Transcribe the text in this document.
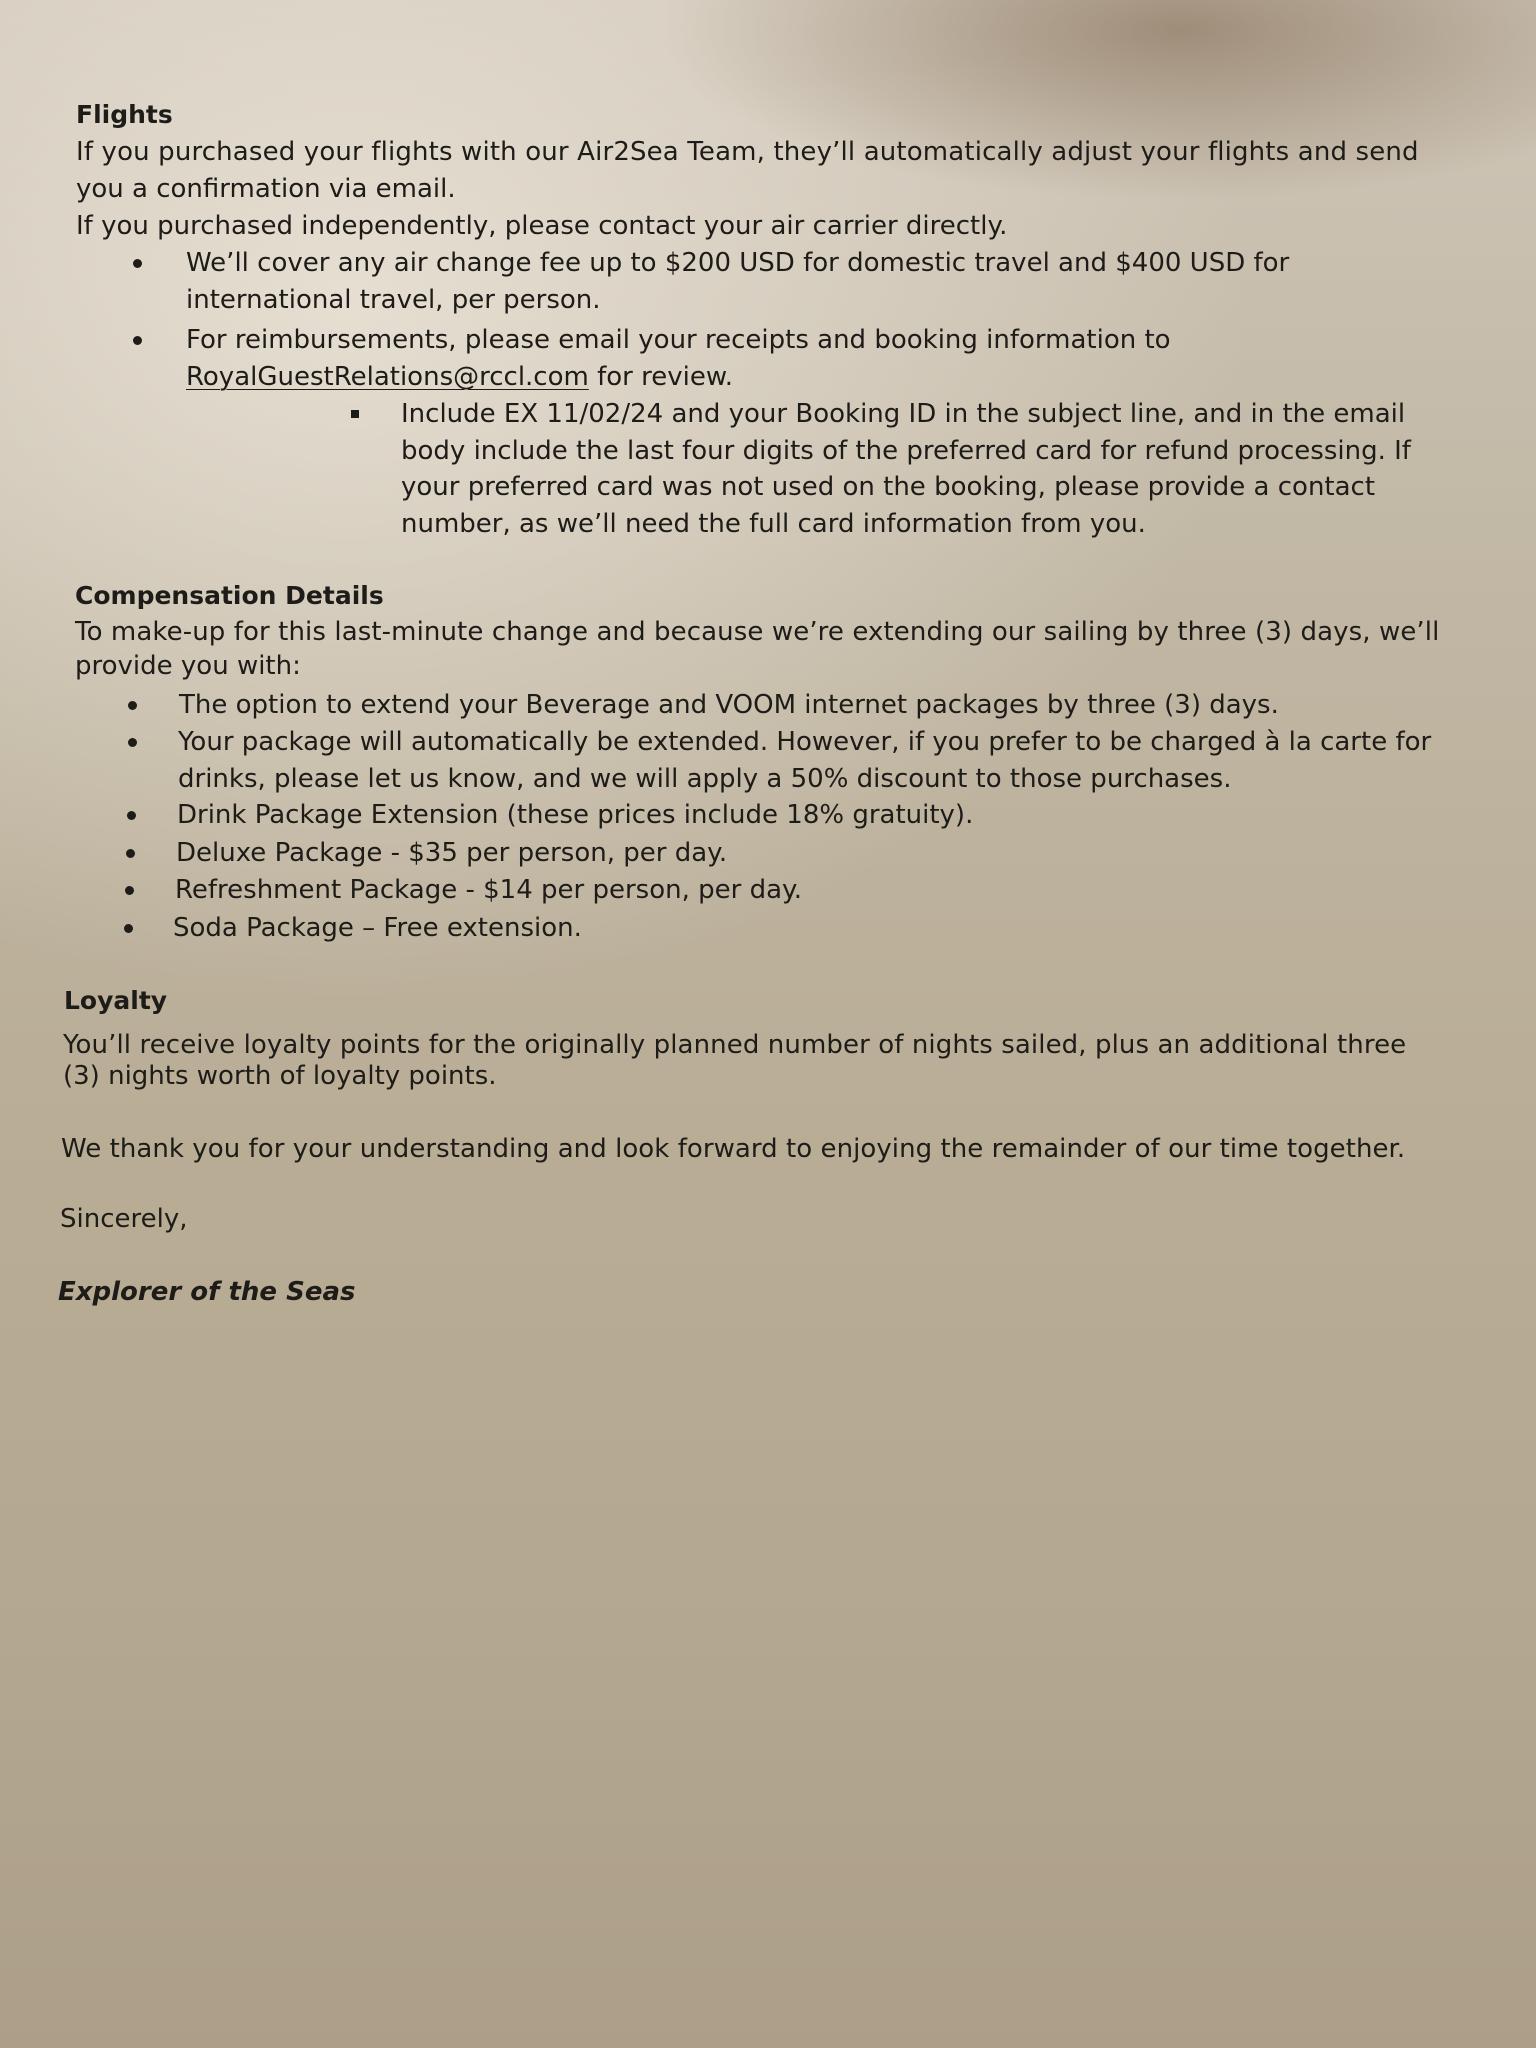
Flights
If you purchased your flights with our Air2Sea Team, they’ll automatically adjust your flights and send
you a confirmation via email.
If you purchased independently, please contact your air carrier directly.
We’ll cover any air change fee up to $200 USD for domestic travel and $400 USD for
international travel, per person.
For reimbursements, please email your receipts and booking information to
RoyalGuestRelations@rccl.com for review.
Include EX 11/02/24 and your Booking ID in the subject line, and in the email
body include the last four digits of the preferred card for refund processing. If
your preferred card was not used on the booking, please provide a contact
number, as we’ll need the full card information from you.
Compensation Details
To make-up for this last-minute change and because we’re extending our sailing by three (3) days, we’ll
provide you with:
The option to extend your Beverage and VOOM internet packages by three (3) days.
Your package will automatically be extended. However, if you prefer to be charged à la carte for
drinks, please let us know, and we will apply a 50% discount to those purchases.
Drink Package Extension (these prices include 18% gratuity).
Deluxe Package - $35 per person, per day.
Refreshment Package - $14 per person, per day.
Soda Package – Free extension.
Loyalty
You’ll receive loyalty points for the originally planned number of nights sailed, plus an additional three
(3) nights worth of loyalty points.
We thank you for your understanding and look forward to enjoying the remainder of our time together.
Sincerely,
Explorer of the Seas
